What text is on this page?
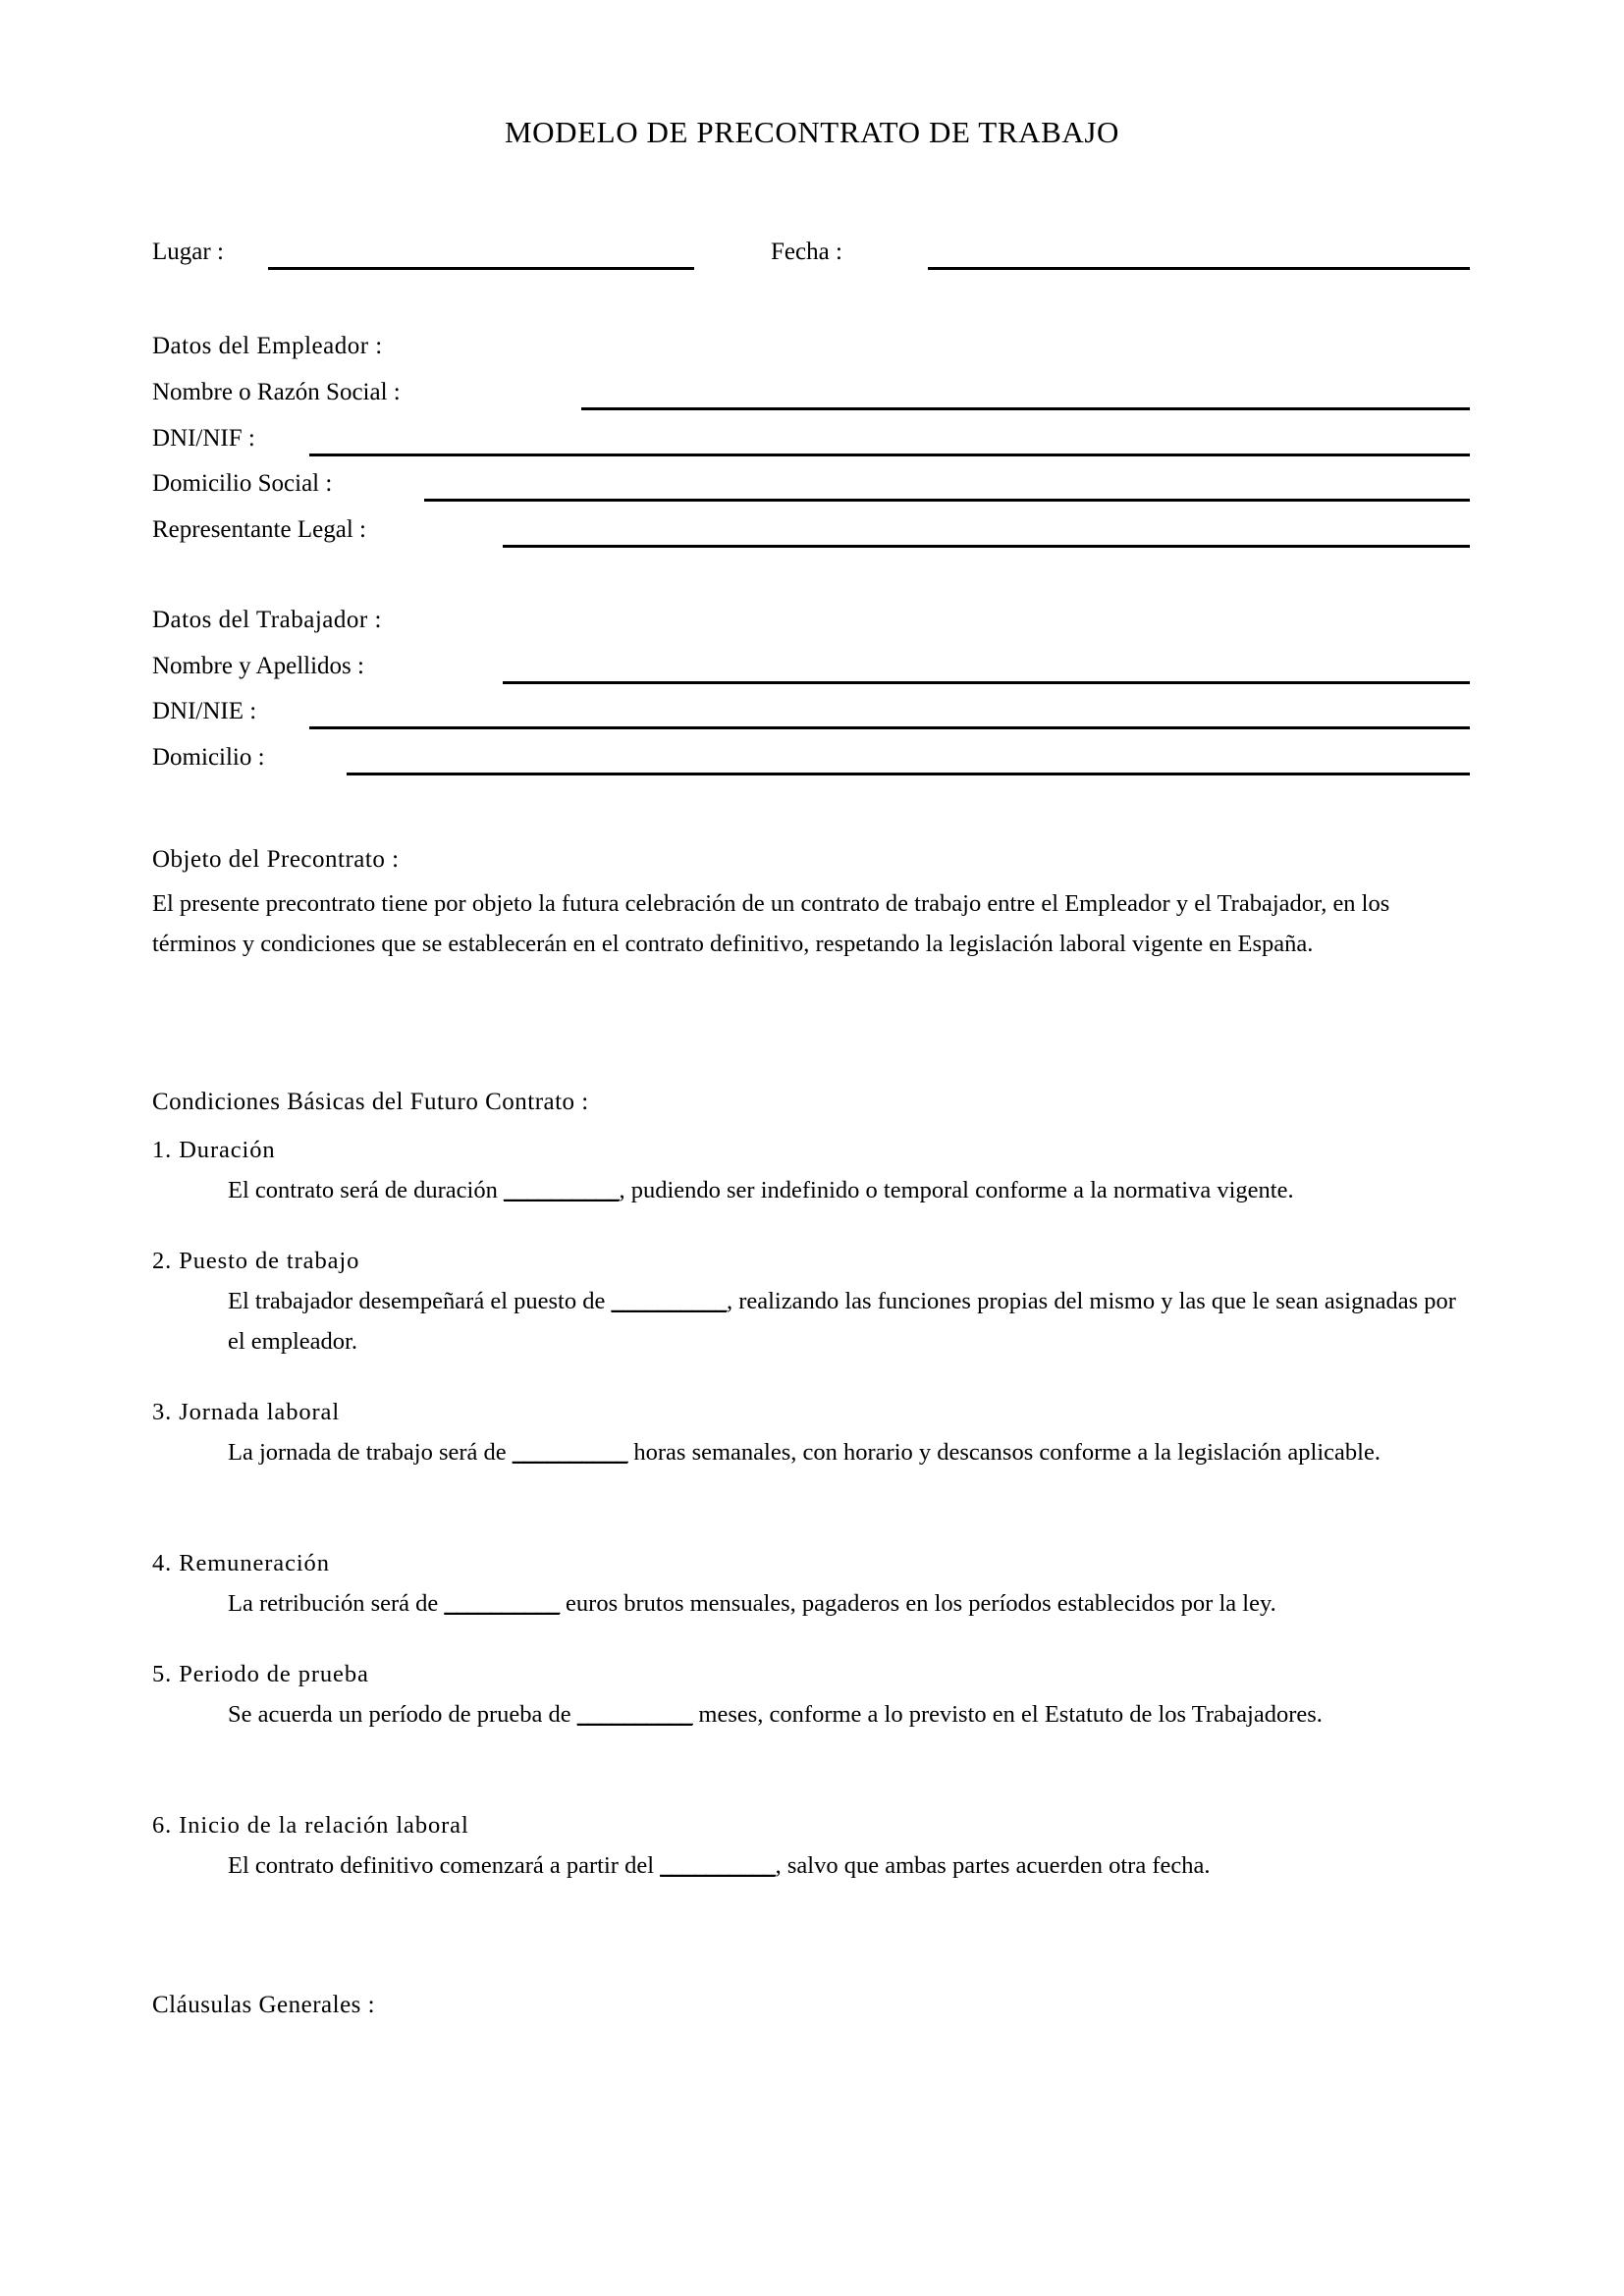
MODELO DE PRECONTRATO DE TRABAJO
Lugar :	Fecha :
Datos del Empleador :
Nombre o Razón Social :
DNI/NIF :
Domicilio Social :
Representante Legal :
Datos del Trabajador :
Nombre y Apellidos :
DNI/NIE :
Domicilio :
Objeto del Precontrato :
El presente precontrato tiene por objeto la futura celebración de un contrato de trabajo entre el Empleador y el Trabajador, en los términos y condiciones que se establecerán en el contrato definitivo, respetando la legislación laboral vigente en España.
Condiciones Básicas del Futuro Contrato :
1. Duración
El contrato será de duración __________, pudiendo ser indefinido o temporal conforme a la normativa vigente.
2. Puesto de trabajo
El trabajador desempeñará el puesto de __________, realizando las funciones propias del mismo y las que le sean asignadas por el empleador.
3. Jornada laboral
La jornada de trabajo será de __________ horas semanales, con horario y descansos conforme a la legislación aplicable.
4. Remuneración
La retribución será de __________ euros brutos mensuales, pagaderos en los períodos establecidos por la ley.
5. Periodo de prueba
Se acuerda un período de prueba de __________ meses, conforme a lo previsto en el Estatuto de los Trabajadores.
6. Inicio de la relación laboral
El contrato definitivo comenzará a partir del __________, salvo que ambas partes acuerden otra fecha.
Cláusulas Generales :
